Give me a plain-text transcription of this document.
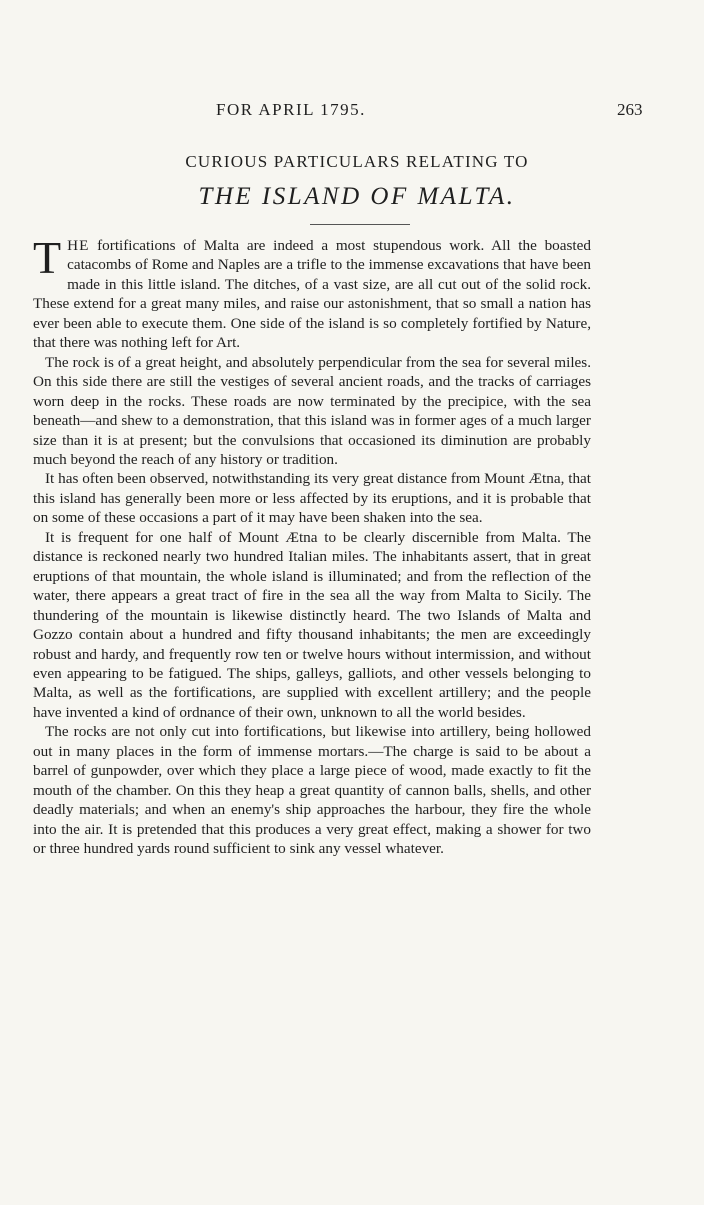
FOR APRIL 1795.	263
CURIOUS PARTICULARS RELATING TO
THE ISLAND OF MALTA.

THE fortifications of Malta are indeed a most stupendous work. All the boasted catacombs of Rome and Naples are a trifle to the immense excavations that have been made in this little island. The ditches, of a vast size, are all cut out of the solid rock. These extend for a great many miles, and raise our astonishment, that so small a nation has ever been able to execute them. One side of the island is so completely fortified by Nature, that there was nothing left for Art.

The rock is of a great height, and absolutely perpendicular from the sea for several miles. On this side there are still the vestiges of several ancient roads, and the tracks of carriages worn deep in the rocks. These roads are now terminated by the precipice, with the sea beneath—and shew to a demonstration, that this island was in former ages of a much larger size than it is at present; but the convulsions that occasioned its diminution are probably much beyond the reach of any history or tradition.

It has often been observed, notwithstanding its very great distance from Mount Ætna, that this island has generally been more or less affected by its eruptions, and it is probable that on some of these occasions a part of it may have been shaken into the sea.

It is frequent for one half of Mount Ætna to be clearly discernible from Malta. The distance is reckoned nearly two hundred Italian miles. The inhabitants assert, that in great eruptions of that mountain, the whole island is illuminated; and from the reflection of the water, there appears a great tract of fire in the sea all the way from Malta to Sicily. The thundering of the mountain is likewise distinctly heard. The two Islands of Malta and Gozzo contain about a hundred and fifty thousand inhabitants; the men are exceedingly robust and hardy, and frequently row ten or twelve hours without intermission, and without even appearing to be fatigued. The ships, galleys, galliots, and other vessels belonging to Malta, as well as the fortifications, are supplied with excellent artillery; and the people have invented a kind of ordnance of their own, unknown to all the world besides.

The rocks are not only cut into fortifications, but likewise into artillery, being hollowed out in many places in the form of immense mortars.—The charge is said to be about a barrel of gunpowder, over which they place a large piece of wood, made exactly to fit the mouth of the chamber. On this they heap a great quantity of cannon balls, shells, and other deadly materials; and when an enemy's ship approaches the harbour, they fire the whole into the air. It is pretended that this produces a very great effect, making a shower for two or three hundred yards round sufficient to sink any vessel whatever.
